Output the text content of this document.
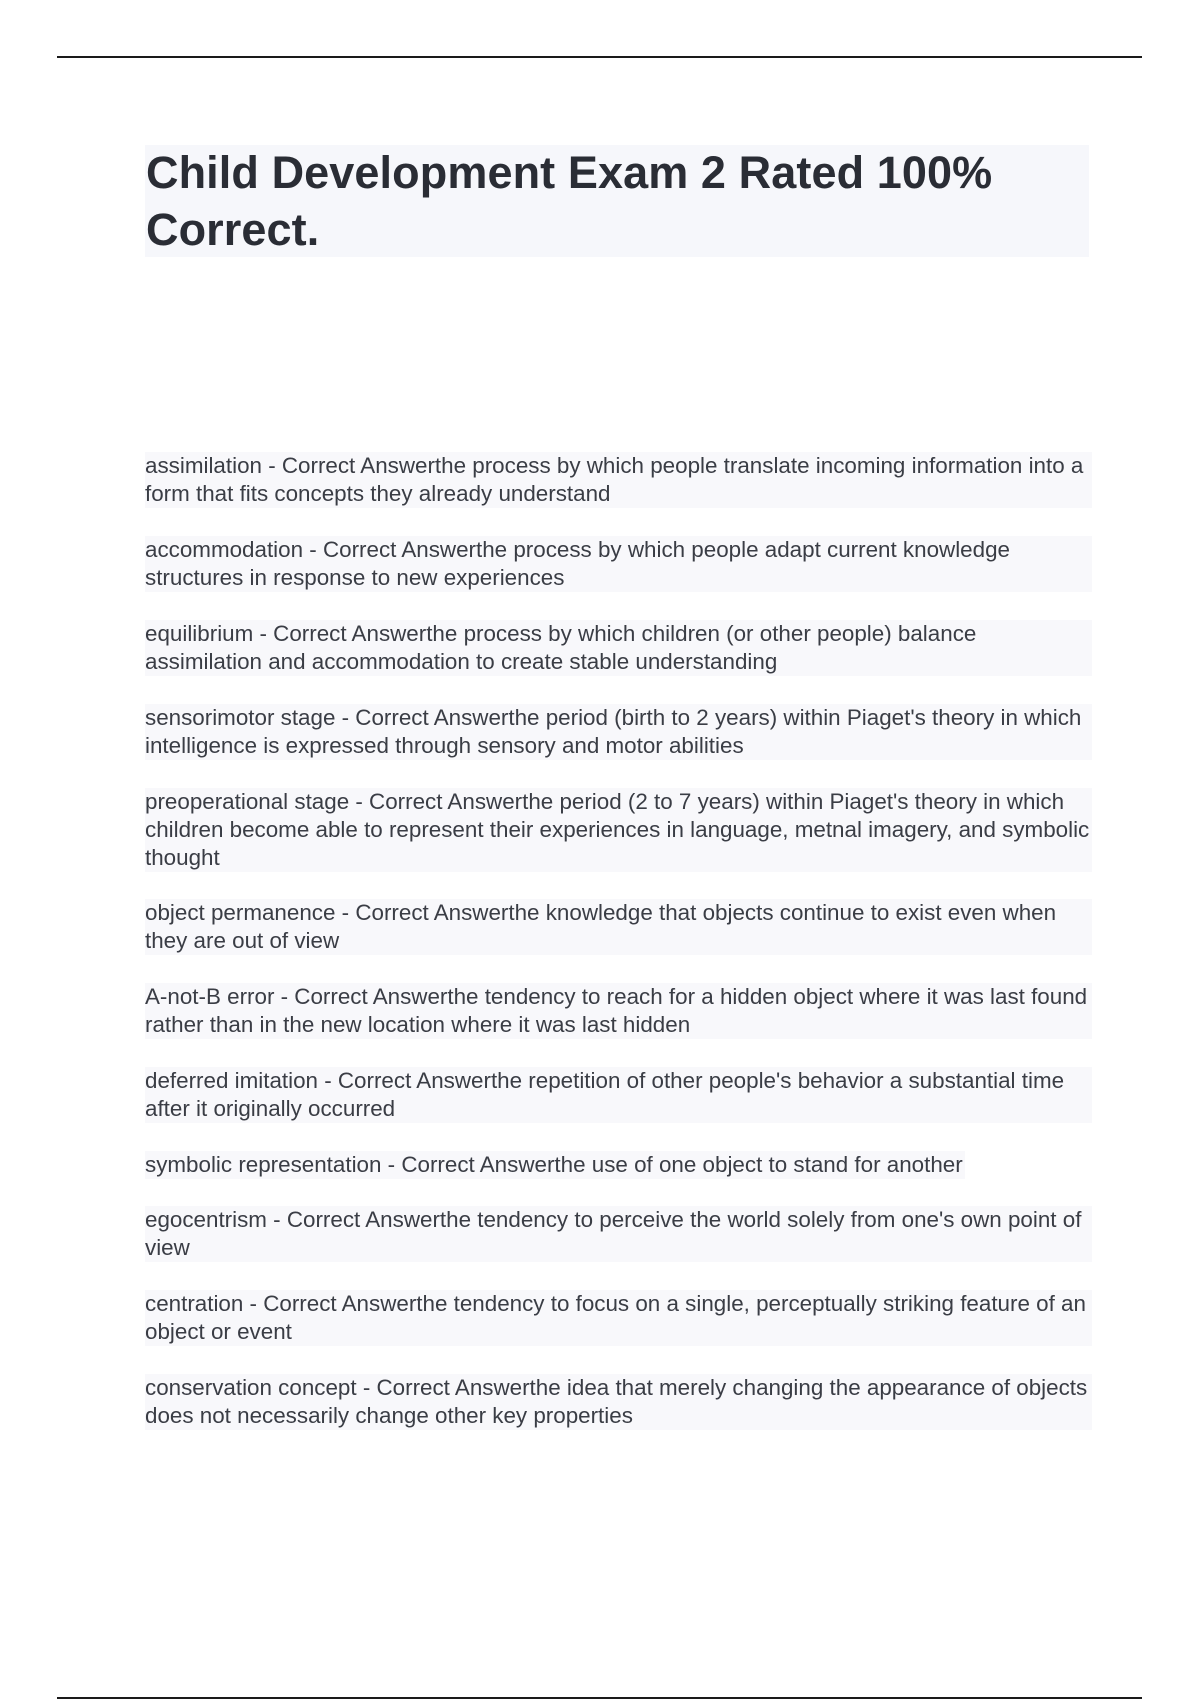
Child Development Exam 2 Rated 100%
Correct.
assimilation - Correct Answerthe process by which people translate incoming information into a form that fits concepts they already understand
accommodation - Correct Answerthe process by which people adapt current knowledge structures in response to new experiences
equilibrium - Correct Answerthe process by which children (or other people) balance assimilation and accommodation to create stable understanding
sensorimotor stage - Correct Answerthe period (birth to 2 years) within Piaget's theory in which intelligence is expressed through sensory and motor abilities
preoperational stage - Correct Answerthe period (2 to 7 years) within Piaget's theory in which children become able to represent their experiences in language, metnal imagery, and symbolic thought
object permanence - Correct Answerthe knowledge that objects continue to exist even when they are out of view
A-not-B error - Correct Answerthe tendency to reach for a hidden object where it was last found rather than in the new location where it was last hidden
deferred imitation - Correct Answerthe repetition of other people's behavior a substantial time after it originally occurred
symbolic representation - Correct Answerthe use of one object to stand for another
egocentrism - Correct Answerthe tendency to perceive the world solely from one's own point of view
centration - Correct Answerthe tendency to focus on a single, perceptually striking feature of an object or event
conservation concept - Correct Answerthe idea that merely changing the appearance of objects does not necessarily change other key properties
